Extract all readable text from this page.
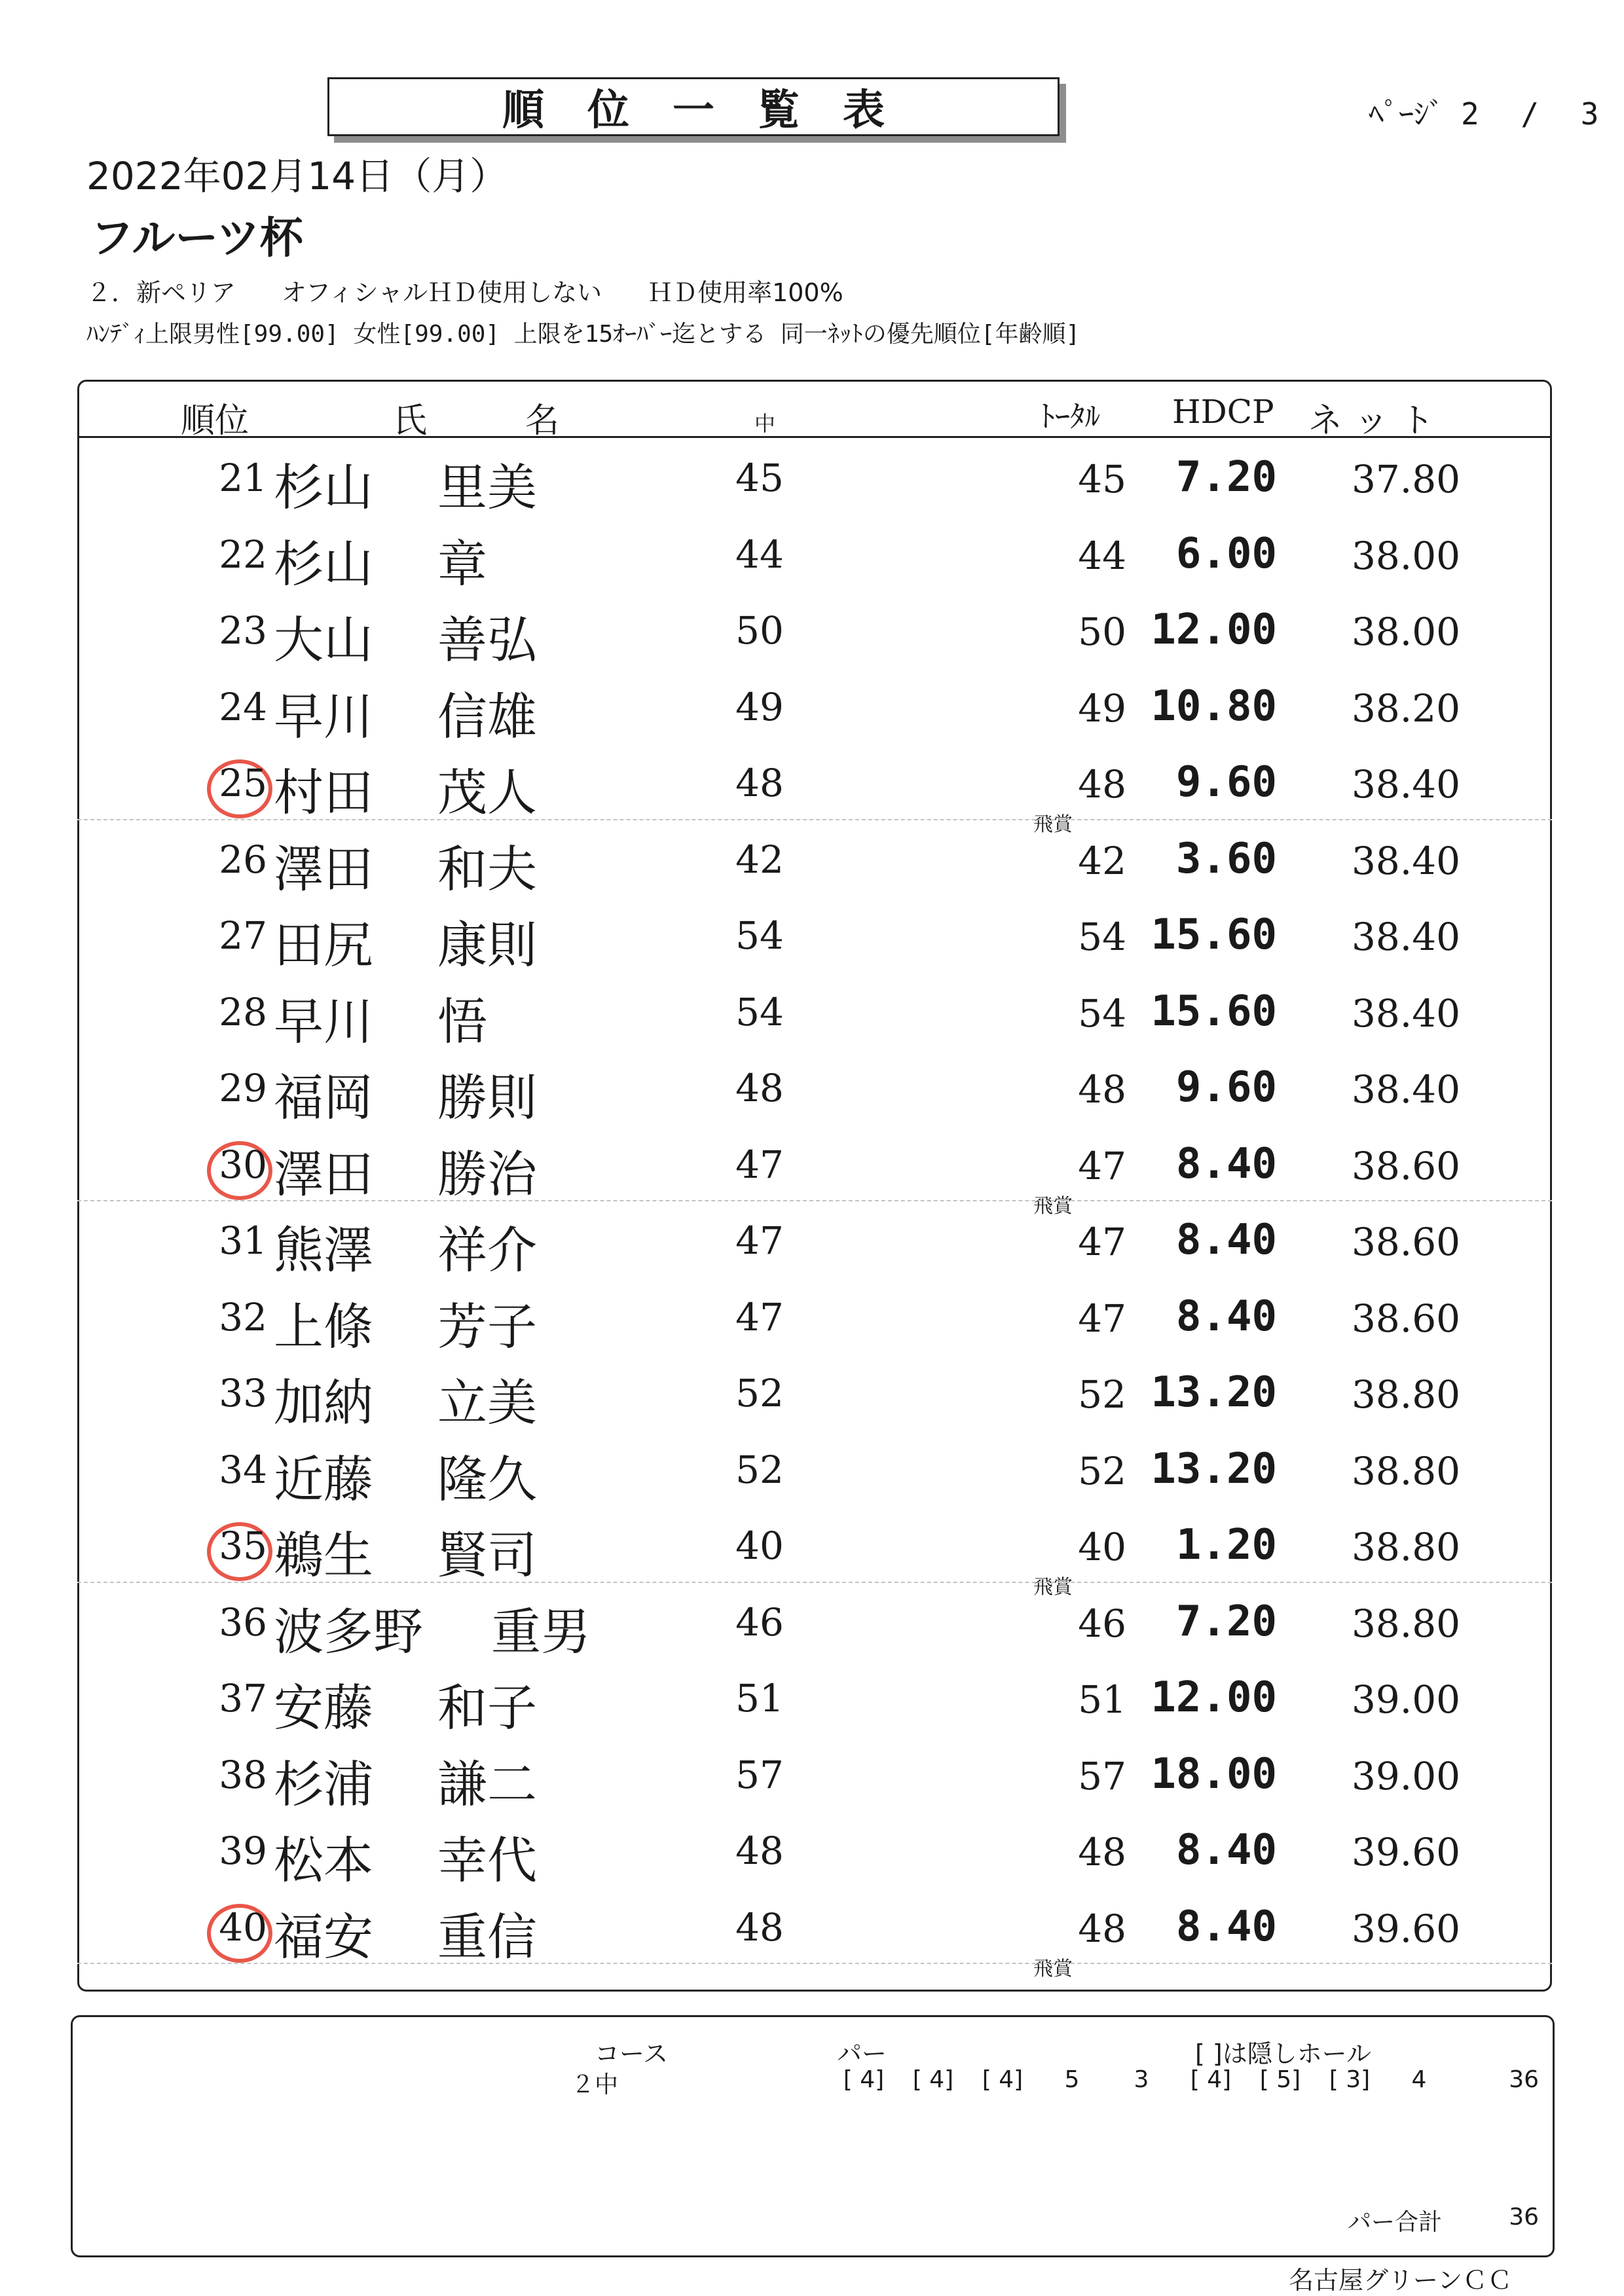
順位一覧表	ﾍﾟｰｼﾞ 2 / 3
2022年02月14日（月）
フルーツ杯
２．新ペリア オフィシャルＨＤ使用しない ＨＤ使用率100%
ﾊﾝﾃﾞｨ上限男性[99.00] 女性[99.00] 上限を15ｵｰﾊﾞｰ迄とする 同一ﾈｯﾄの優先順位[年齢順]
順位	氏名	中	ﾄｰﾀﾙ HDCP ネット
21 杉山 里美	45	45	7.20	37.80
22 杉山 章	44	44	6.00	38.00
23 大山 善弘	50	50 12.00	38.00
24 早川 信雄	49	49 10.80	38.20
25 村田 茂人	48	48	9.60	38.40
飛賞
26 澤田 和夫	42	42	3.60	38.40
27 田尻 康則	54	54 15.60	38.40
28 早川 悟	54	54 15.60	38.40
29 福岡 勝則	48	48	9.60	38.40
30 澤田 勝治	47	47	8.40	38.60
飛賞
31 熊澤 祥介	47	47	8.40	38.60
32 上條 芳子	47	47	8.40	38.60
33 加納 立美	52	52 13.20	38.80
34 近藤 隆久	52	52 13.20	38.80
35 鵜生 賢司	40	40	1.20	38.80
飛賞
36 波多野 重男	46	46	7.20	38.80
37 安藤 和子	51	51 12.00	39.00
38 杉浦 謙二	57	57 18.00	39.00
39 松本 幸代	48	48	8.40	39.60
40 福安 重信	48	48	8.40	39.60
飛賞
コース	パー	[ ]は隠しホール
２中	[ 4]	[ 4]	[ 4]	5	3	[ 4]	[ 5]	[ 3]	4	36
パー合計	36
名古屋グリーンＣＣ
